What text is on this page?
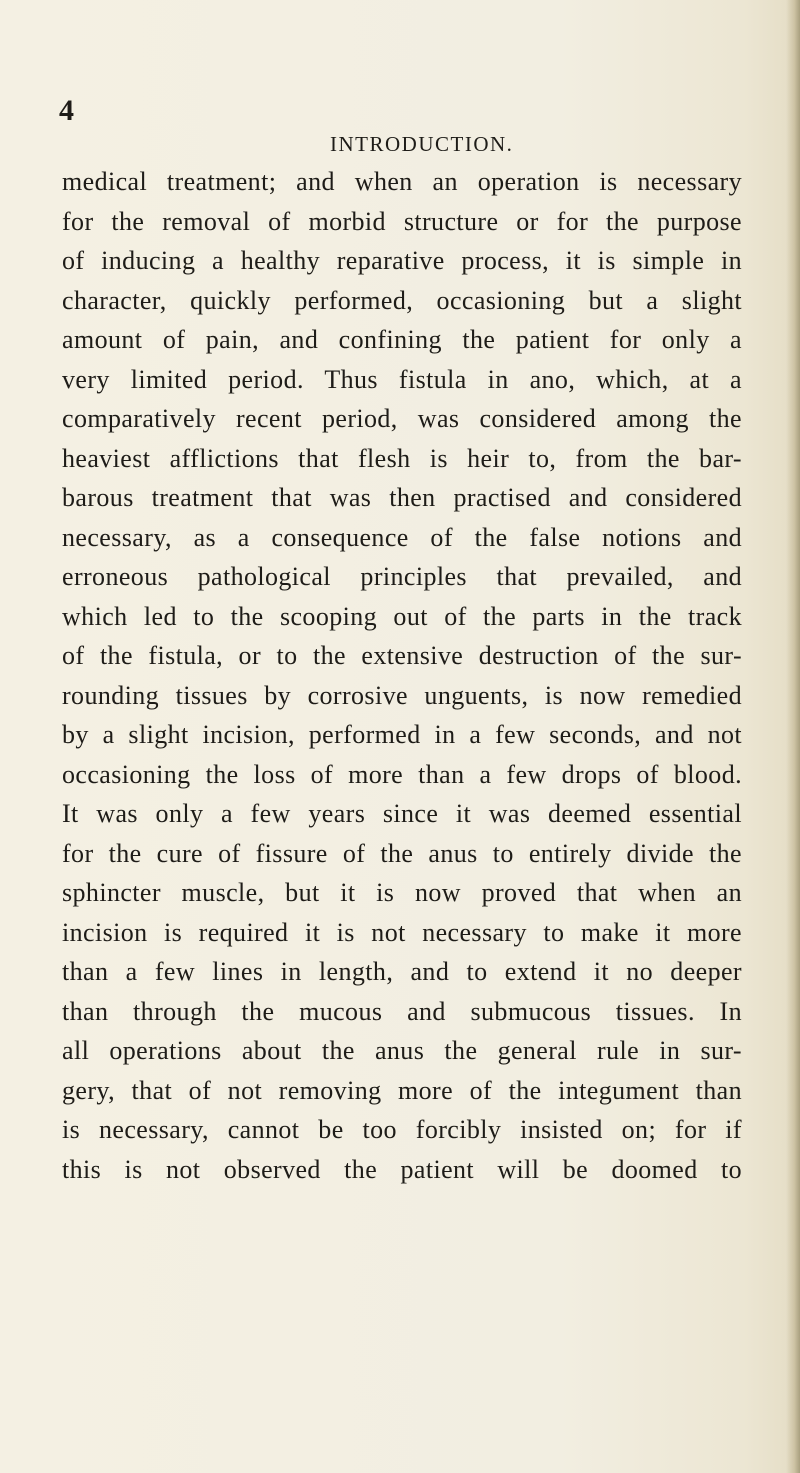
4
INTRODUCTION.
medical treatment; and when an operation is necessary
for the removal of morbid structure or for the purpose
of inducing a healthy reparative process, it is simple in
character, quickly performed, occasioning but a slight
amount of pain, and confining the patient for only a
very limited period. Thus fistula in ano, which, at a
comparatively recent period, was considered among the
heaviest afflictions that flesh is heir to, from the bar-
barous treatment that was then practised and considered
necessary, as a consequence of the false notions and
erroneous pathological principles that prevailed, and
which led to the scooping out of the parts in the track
of the fistula, or to the extensive destruction of the sur-
rounding tissues by corrosive unguents, is now remedied
by a slight incision, performed in a few seconds, and not
occasioning the loss of more than a few drops of blood.
It was only a few years since it was deemed essential
for the cure of fissure of the anus to entirely divide the
sphincter muscle, but it is now proved that when an
incision is required it is not necessary to make it more
than a few lines in length, and to extend it no deeper
than through the mucous and submucous tissues. In
all operations about the anus the general rule in sur-
gery, that of not removing more of the integument than
is necessary, cannot be too forcibly insisted on; for if
this is not observed the patient will be doomed to
